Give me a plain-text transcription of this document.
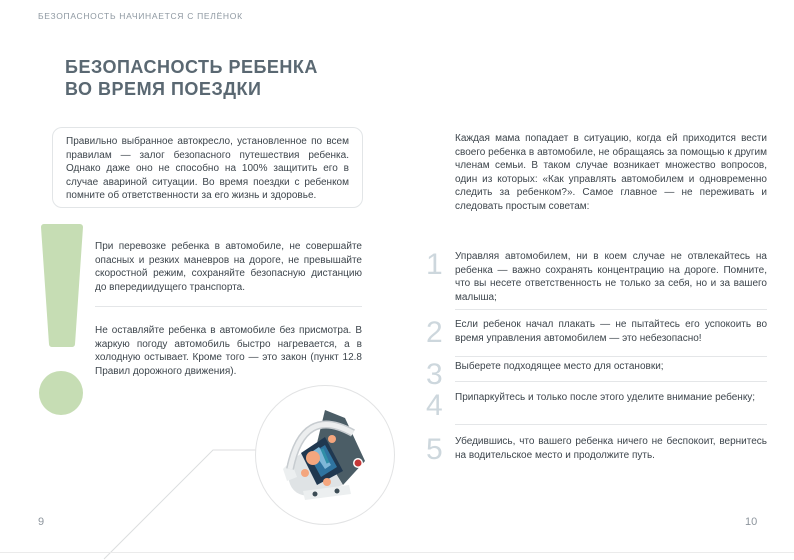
БЕЗОПАСНОСТЬ НАЧИНАЕТСЯ С ПЕЛЁНОК
БЕЗОПАСНОСТЬ РЕБЕНКА
ВО ВРЕМЯ ПОЕЗДКИ
Правильно выбранное автокресло, установленное по всем правилам — залог безопасного путешествия ребенка. Однако даже оно не способно на 100% защитить его в случае авариной ситуации. Во время поездки с ребенком помните об ответственности за его жизнь и здоровье.
При перевозке ребенка в автомобиле, не совершайте опасных и резких маневров на дороге, не превышайте скоростной режим, сохраняйте безопасную дистанцию до впередиидущего транспорта.
Не оставляйте ребенка в автомобиле без присмотра. В жаркую погоду автомобиль быстро нагревается, а в холодную остывает. Кроме того — это закон (пункт 12.8 Правил дорожного движения).
Каждая мама попадает в ситуацию, когда ей приходится вести своего ребенка в автомобиле, не обращаясь за помощью к другим членам семьи. В таком случае возникает множество вопросов, один из которых: «Как управлять автомобилем и одновременно следить за ребенком?». Самое главное — не переживать и следовать простым советам:
1 Управляя автомобилем, ни в коем случае не отвлекайтесь на ребенка — важно сохранять концентрацию на дороге. Помните, что вы несете ответственность не только за себя, но и за вашего малыша;
2 Если ребенок начал плакать — не пытайтесь его успокоить во время управления автомобилем — это небезопасно!
3 Выберете подходящее место для остановки;
4 Припаркуйтесь и только после этого уделите внимание ребенку;
5 Убедившись, что вашего ребенка ничего не беспокоит, вернитесь на водительское место и продолжите путь.
9	10
